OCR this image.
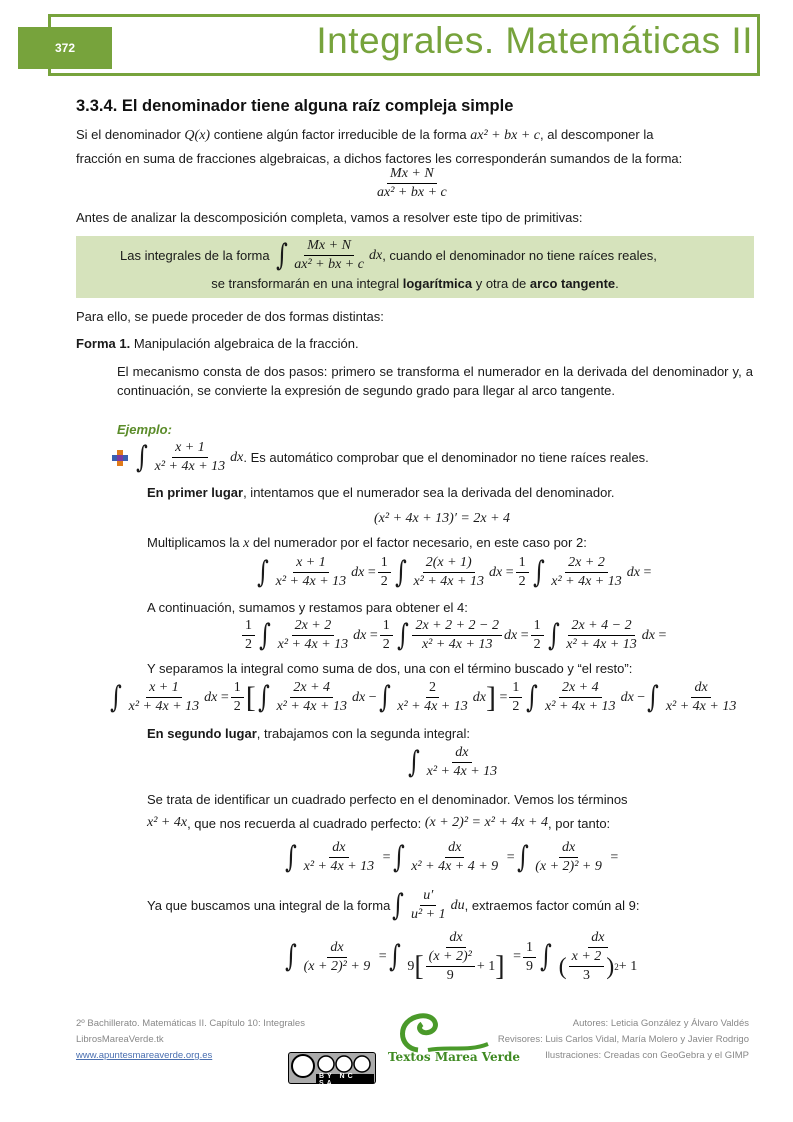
372	Integrales. Matemáticas II
3.3.4. El denominador tiene alguna raíz compleja simple
Si el denominador Q(x) contiene algún factor irreducible de la forma ax² + bx + c, al descomponer la
fracción en suma de fracciones algebraicas, a dichos factores les corresponderán sumandos de la forma:
$\frac{Mx + N}{\text{ax² + bx + c}}$
Antes de analizar la descomposición completa, vamos a resolver este tipo de primitivas:
Las integrales de la forma ∫ $\frac{Mx + N}{\text{ax² + bx + c}}$ dx , cuando el denominador no tiene raíces reales,
se transformarán en una integral logarítmica y otra de arco tangente.
Para ello, se puede proceder de dos formas distintas:
Forma 1. Manipulación algebraica de la fracción.
El mecanismo consta de dos pasos: primero se transforma el numerador en la derivada del denominador y, a continuación, se convierte la expresión de segundo grado para llegar al arco tangente.
Ejemplo:
∫ $\frac{x + 1}{\text{x² + 4x + 13}}$ dx . Es automático comprobar que el denominador no tiene raíces reales.
En primer lugar, intentamos que el numerador sea la derivada del denominador.
(x² + 4x + 13)′ = 2x + 4
Multiplicamos la x del numerador por el factor necesario, en este caso por 2:
∫ $\frac{x + 1}{\text{x² + 4x + 13}}$ dx
= $\frac{1}{2}$ ∫ $\frac{2(x + 1)}{\text{x² + 4x + 13}}$ dx
= $\frac{1}{2}$ ∫ $\frac{2x + 2}{\text{x² + 4x + 13}}$ dx
=
A continuación, sumamos y restamos para obtener el 4:
$\frac{1}{2}$ ∫ $\frac{2x + 2}{\text{x² + 4x + 13}}$ dx
= $\frac{1}{2}$ ∫ $\frac{2x + 2 + 2 - 2}{\text{x² + 4x + 13}}$ dx
= $\frac{1}{2}$ ∫ $\frac{2x + 4 - 2}{\text{x² + 4x + 13}}$ dx
=
Y separamos la integral como suma de dos, una con el término buscado y “el resto”:
∫ $\frac{x + 1}{\text{x² + 4x + 13}}$ dx
= $\frac{1}{2}$ [ ∫ $\frac{2x + 4}{\text{x² + 4x + 13}}$ dx
− ∫ $\frac{2}{\text{x² + 4x + 13}}$ dx ]
= $\frac{1}{2}$ ∫ $\frac{2x + 4}{\text{x² + 4x + 13}}$ dx
− ∫ $\frac{dx}{\text{x² + 4x + 13}}$
En segundo lugar, trabajamos con la segunda integral:
∫ $\frac{dx}{\text{x² + 4x + 13}}$
Se trata de identificar un cuadrado perfecto en el denominador. Vemos los términos
x² + 4x , que nos recuerda al cuadrado perfecto:
(x + 2)² = x² + 4x + 4 , por tanto:
∫ $\frac{dx}{\text{x² + 4x + 13}}$
= ∫ $\frac{dx}{\text{x² + 4x + 4 + 9}}$
= ∫ $\frac{dx}{\text{(x + 2)² + 9}}$
=
Ya que buscamos una integral de la forma ∫ $\frac{u'}{\text{u² + 1}}$ du , extraemos factor común al 9:
∫ $\frac{dx}{\text{(x + 2)² + 9}}$
= ∫ $\frac{dx}{9 [ \frac{\text{(x + 2)²}}{9} + 1 ]}$
= $\frac{1}{9}$ ∫ $\frac{dx}{( \frac{x + 2}{3} ) 2 + 1}$
2º Bachillerato. Matemáticas II. Capítulo 10: Integrales
LibrosMareaVerde.tk
www.apuntesmareaverde.org.es
BY NC SA
Textos Marea Verde
Autores: Leticia González y Álvaro Valdés
Revisores: Luis Carlos Vidal, María Molero y Javier Rodrigo
Ilustraciones: Creadas con GeoGebra y el GIMP
